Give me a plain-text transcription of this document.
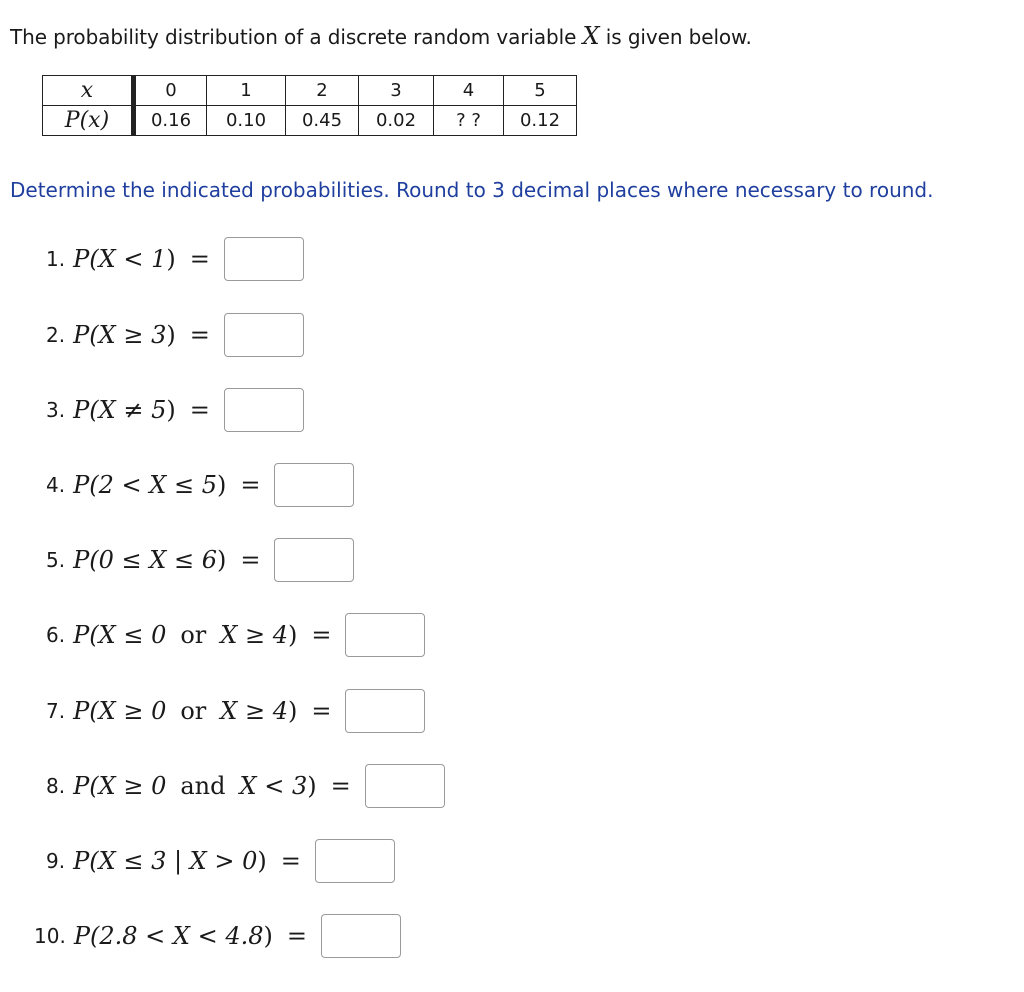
The probability distribution of a discrete random variable X is given below.
x	0	1	2	3	4	5
P(x)	0.16	0.10	0.45	0.02	? ?	0.12
Determine the indicated probabilities. Round to 3 decimal places where necessary to round.
1. P(X < 1) =
2. P(X ≥ 3) =
3. P(X ≠ 5) =
4. P(2 < X ≤ 5) =
5. P(0 ≤ X ≤ 6) =
6. P(X ≤ 0 or X ≥ 4) =
7. P(X ≥ 0 or X ≥ 4) =
8. P(X ≥ 0 and X < 3) =
9. P(X ≤ 3 | X > 0) =
10. P(2.8 < X < 4.8) =
